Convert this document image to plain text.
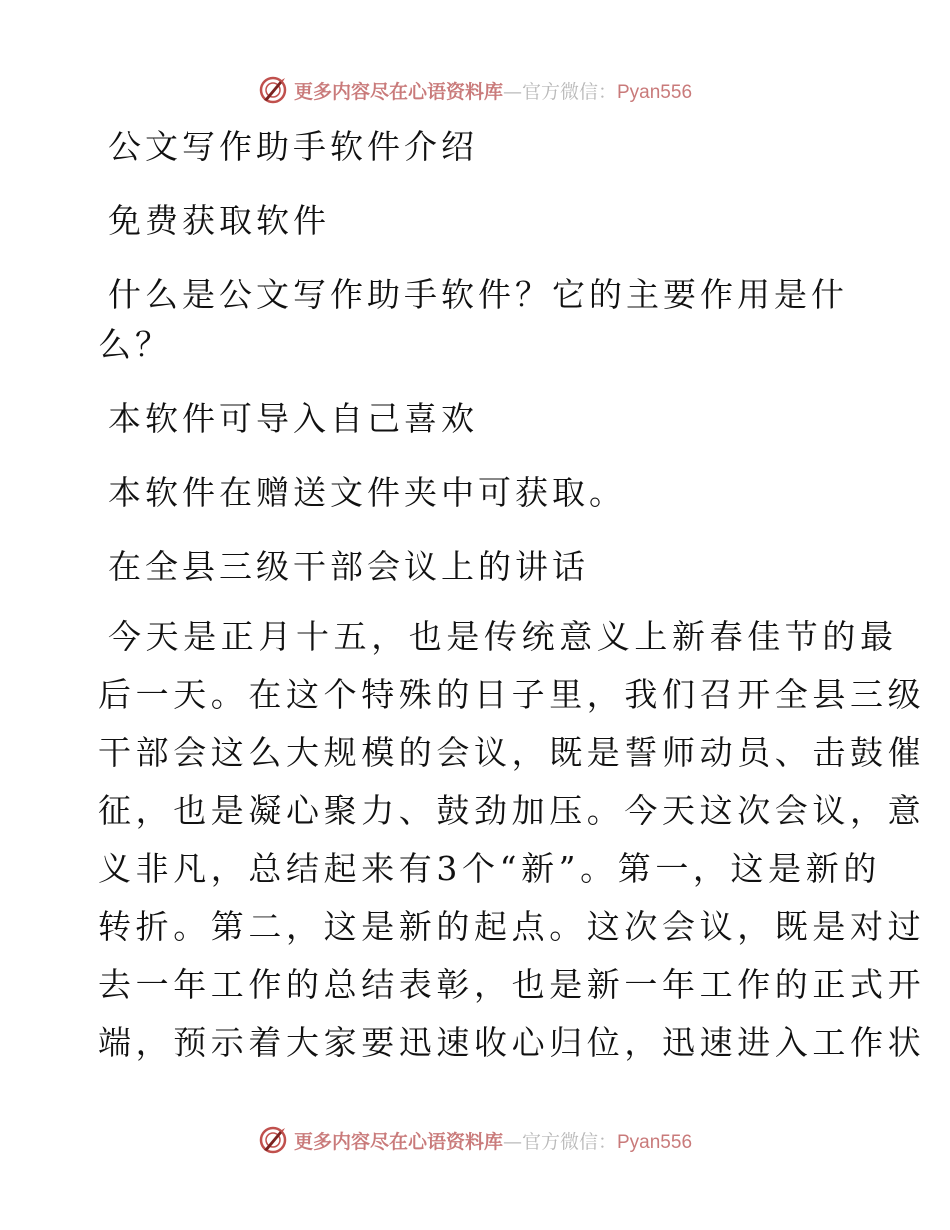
更多内容尽在心语资料库—官方微信：Pyan556
公文写作助手软件介绍
免费获取软件
什么是公文写作助手软件？它的主要作用是什
么？
本软件可导入自己喜欢
本软件在赠送文件夹中可获取。
在全县三级干部会议上的讲话
今天是正月十五，也是传统意义上新春佳节的最
后一天。在这个特殊的日子里，我们召开全县三级
干部会这么大规模的会议，既是誓师动员、击鼓催
征，也是凝心聚力、鼓劲加压。今天这次会议，意
义非凡，总结起来有3个“新”。第一，这是新的
转折。第二，这是新的起点。这次会议，既是对过
去一年工作的总结表彰，也是新一年工作的正式开
端，预示着大家要迅速收心归位，迅速进入工作状
更多内容尽在心语资料库—官方微信：Pyan556
